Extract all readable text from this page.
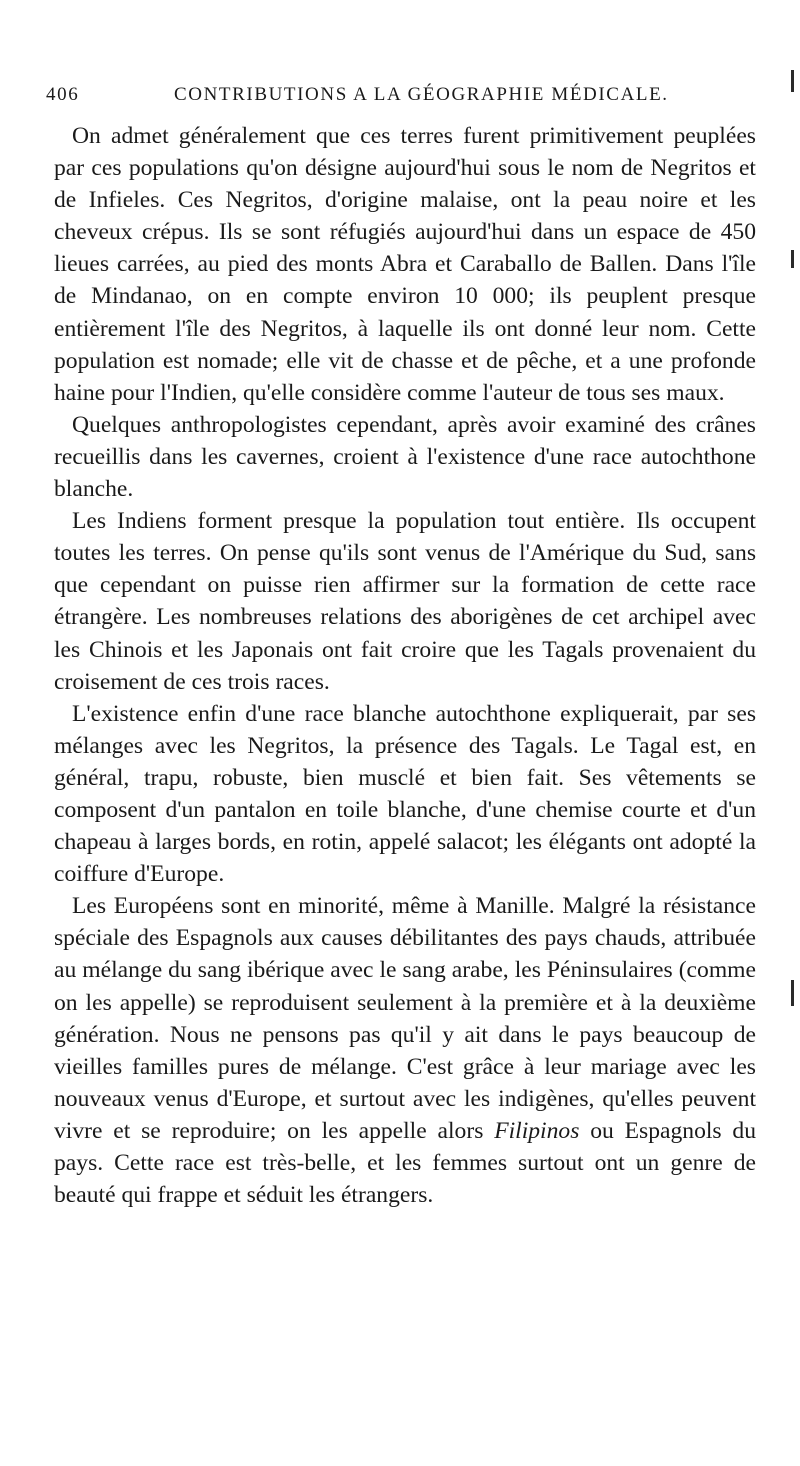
406	CONTRIBUTIONS A LA GÉOGRAPHIE MÉDICALE.

On admet généralement que ces terres furent primitivement peuplées par ces populations qu'on désigne aujourd'hui sous le nom de Negritos et de Infieles. Ces Negritos, d'origine malaise, ont la peau noire et les cheveux crépus. Ils se sont réfugiés aujourd'hui dans un espace de 450 lieues carrées, au pied des monts Abra et Caraballo de Ballen. Dans l'île de Mindanao, on en compte environ 10 000; ils peuplent presque entièrement l'île des Negritos, à laquelle ils ont donné leur nom. Cette population est nomade; elle vit de chasse et de pêche, et a une profonde haine pour l'Indien, qu'elle considère comme l'auteur de tous ses maux.

Quelques anthropologistes cependant, après avoir examiné des crânes recueillis dans les cavernes, croient à l'existence d'une race autochthone blanche.

Les Indiens forment presque la population tout entière. Ils occupent toutes les terres. On pense qu'ils sont venus de l'Amérique du Sud, sans que cependant on puisse rien affirmer sur la formation de cette race étrangère. Les nombreuses relations des aborigènes de cet archipel avec les Chinois et les Japonais ont fait croire que les Tagals provenaient du croisement de ces trois races.

L'existence enfin d'une race blanche autochthone expliquerait, par ses mélanges avec les Negritos, la présence des Tagals. Le Tagal est, en général, trapu, robuste, bien musclé et bien fait. Ses vêtements se composent d'un pantalon en toile blanche, d'une chemise courte et d'un chapeau à larges bords, en rotin, appelé salacot; les élégants ont adopté la coiffure d'Europe.

Les Européens sont en minorité, même à Manille. Malgré la résistance spéciale des Espagnols aux causes débilitantes des pays chauds, attribuée au mélange du sang ibérique avec le sang arabe, les Péninsulaires (comme on les appelle) se reproduisent seulement à la première et à la deuxième génération. Nous ne pensons pas qu'il y ait dans le pays beaucoup de vieilles familles pures de mélange. C'est grâce à leur mariage avec les nouveaux venus d'Europe, et surtout avec les indigènes, qu'elles peuvent vivre et se reproduire; on les appelle alors Filipinos ou Espagnols du pays. Cette race est très-belle, et les femmes surtout ont un genre de beauté qui frappe et séduit les étrangers.
